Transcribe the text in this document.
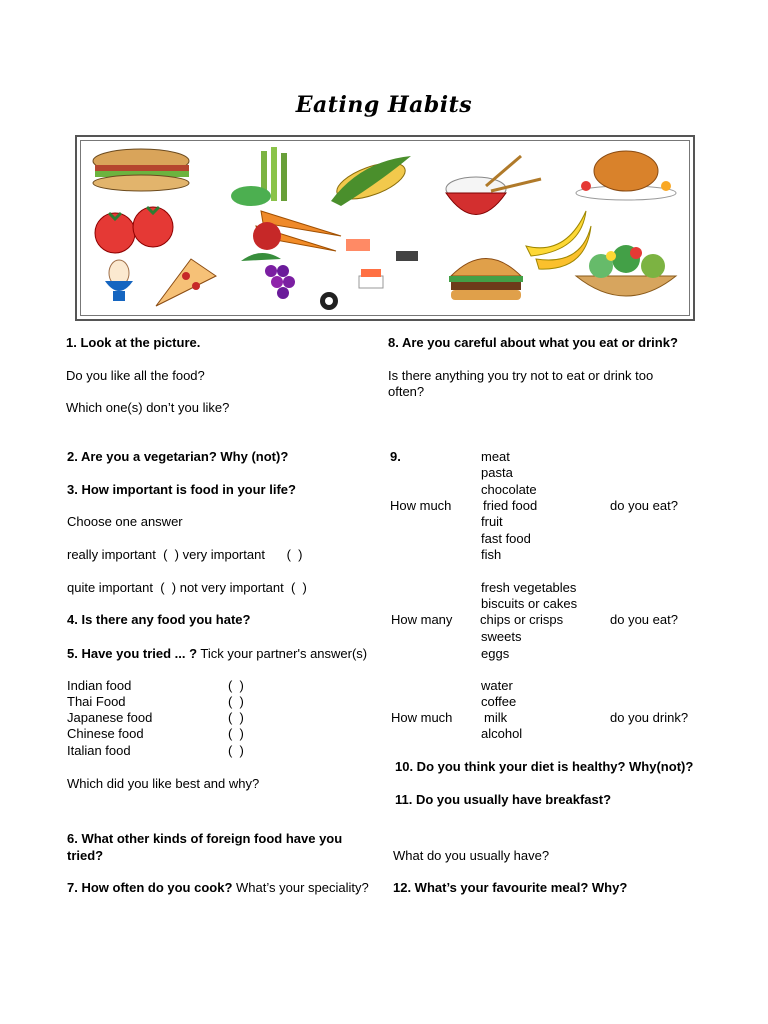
Eating Habits
1. Look at the picture.
Do you like all the food?
Which one(s) don’t you like?
2. Are you a vegetarian? Why (not)?
3. How important is food in your life?
Choose one answer
really important  (  ) very important      (  )
quite important  (  ) not very important  (  )
4. Is there any food you hate?
5. Have you tried ... ? Tick your partner's answer(s)
Indian food	(  )
Thai Food	(  )
Japanese food	(  )
Chinese food	(  )
Italian food	(  )
Which did you like best and why?
6. What other kinds of foreign food have you
tried?
7. How often do you cook? What’s your speciality?
8. Are you careful about what you eat or drink?
Is there anything you try not to eat or drink too
often?
9.	meat
pasta
chocolate
How much fried food	do you eat?
fruit
fast food
fish
fresh vegetables
biscuits or cakes
How many chips or crisps	do you eat?
sweets
eggs
water
coffee
How much milk	do you drink?
alcohol
10. Do you think your diet is healthy? Why(not)?
11. Do you usually have breakfast?
What do you usually have?
12. What’s your favourite meal? Why?
